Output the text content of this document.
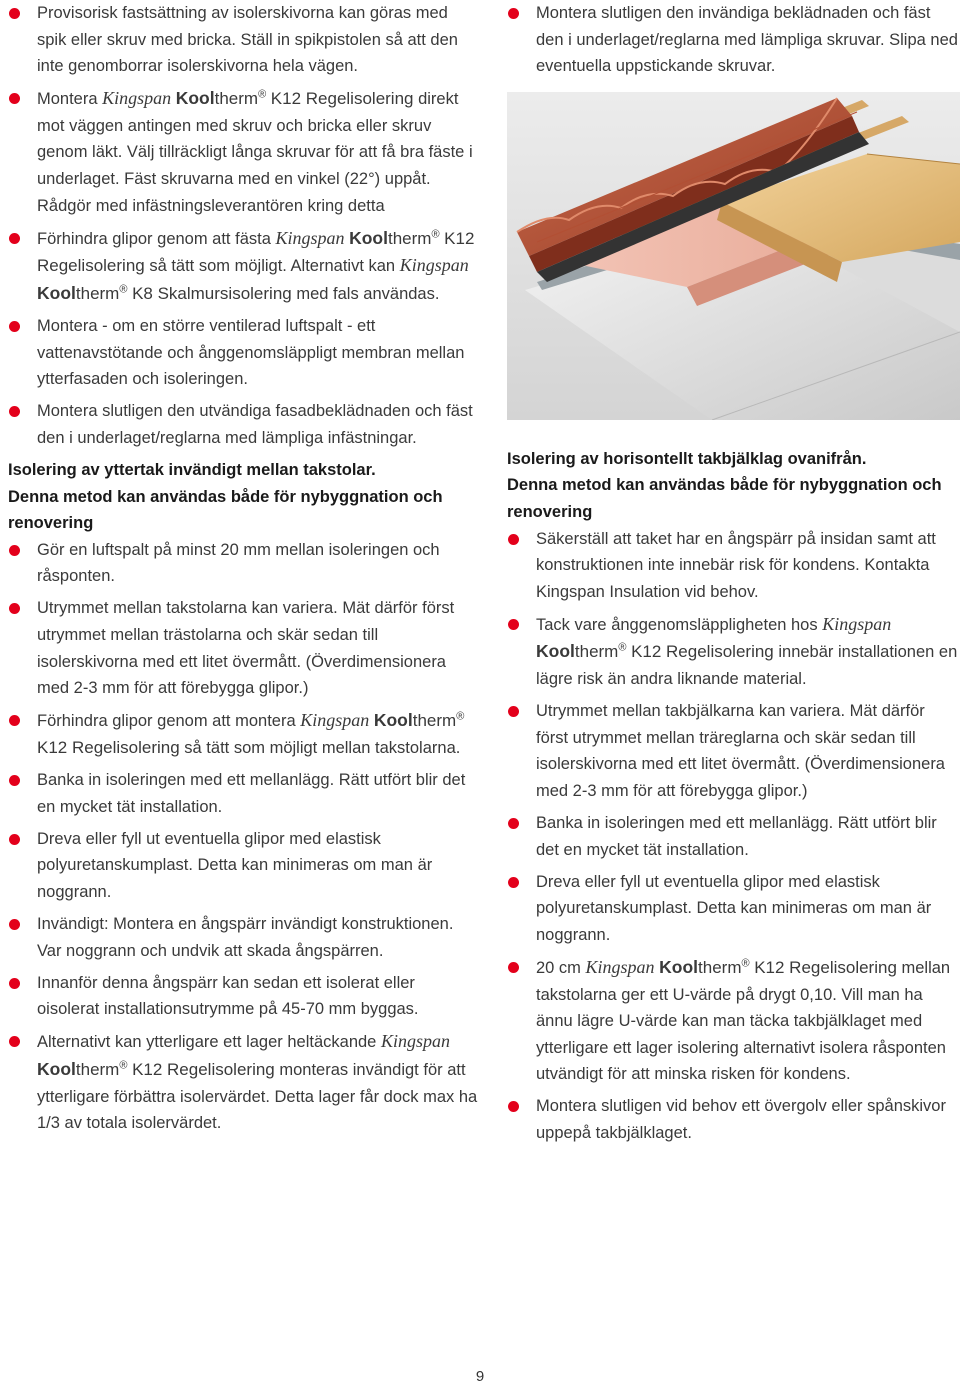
Provisorisk fastsättning av isolerskivorna kan göras med spik eller skruv med bricka. Ställ in spikpistolen så att den inte genomborrar isolerskivorna hela vägen.
Montera Kingspan Kooltherm® K12 Regelisolering direkt mot väggen antingen med skruv och bricka eller skruv genom läkt. Välj tillräckligt långa skruvar för att få bra fäste i underlaget. Fäst skruvarna med en vinkel (22°) uppåt. Rådgör med infästningsleverantören kring detta
Förhindra glipor genom att fästa Kingspan Kooltherm® K12 Regelisolering så tätt som möjligt. Alternativt kan Kingspan Kooltherm® K8 Skalmursisolering med fals användas.
Montera - om en större ventilerad luftspalt - ett vattenavstötande och ånggenomsläppligt membran mellan ytterfasaden och isoleringen.
Montera slutligen den utvändiga fasadbeklädnaden och fäst den i underlaget/reglarna med lämpliga infästningar.

Isolering av yttertak invändigt mellan takstolar.

Denna metod kan användas både för nybyggnation och renovering

Gör en luftspalt på minst 20 mm mellan isoleringen och råsponten.
Utrymmet mellan takstolarna kan variera. Mät därför först utrymmet mellan trästolarna och skär sedan till isolerskivorna med ett litet övermått. (Överdimensionera med 2-3 mm för att förebygga glipor.)
Förhindra glipor genom att montera Kingspan Kooltherm® K12 Regelisolering så tätt som möjligt mellan takstolarna.
Banka in isoleringen med ett mellanlägg. Rätt utfört blir det en mycket tät installation.
Dreva eller fyll ut eventuella glipor med elastisk polyuretanskumplast. Detta kan minimeras om man är noggrann.
Invändigt: Montera en ångspärr invändigt konstruktionen. Var noggrann och undvik att skada ångspärren.
Innanför denna ångspärr kan sedan ett isolerat eller oisolerat installationsutrymme på 45-70 mm byggas.
Alternativt kan ytterligare ett lager heltäckande Kingspan Kooltherm® K12 Regelisolering monteras invändigt för att ytterligare förbättra isolervärdet. Detta lager får dock max ha 1/3 av totala isolervärdet.
Montera slutligen den invändiga beklädnaden och fäst den i underlaget/reglarna med lämpliga skruvar. Slipa ned eventuella uppstickande skruvar.

Isolering av horisontellt takbjälklag ovanifrån.

Denna metod kan användas både för nybyggnation och renovering

Säkerställ att taket har en ångspärr på insidan samt att konstruktionen inte innebär risk för kondens. Kontakta Kingspan Insulation vid behov.
Tack vare ånggenomsläppligheten hos Kingspan Kooltherm® K12 Regelisolering innebär installationen en lägre risk än andra liknande material.
Utrymmet mellan takbjälkarna kan variera. Mät därför först utrymmet mellan träreglarna och skär sedan till isolerskivorna med ett litet övermått. (Överdimensionera med 2-3 mm för att förebygga glipor.)
Banka in isoleringen med ett mellanlägg. Rätt utfört blir det en mycket tät installation.
Dreva eller fyll ut eventuella glipor med elastisk polyuretanskumplast. Detta kan minimeras om man är noggrann.
20 cm Kingspan Kooltherm® K12 Regelisolering mellan takstolarna ger ett U-värde på drygt 0,10. Vill man ha ännu lägre U-värde kan man täcka takbjälklaget med ytterligare ett lager isolering alternativt isolera råsponten utvändigt för att minska risken för kondens.
Montera slutligen vid behov ett övergolv eller spånskivor uppepå takbjälklaget.
9
